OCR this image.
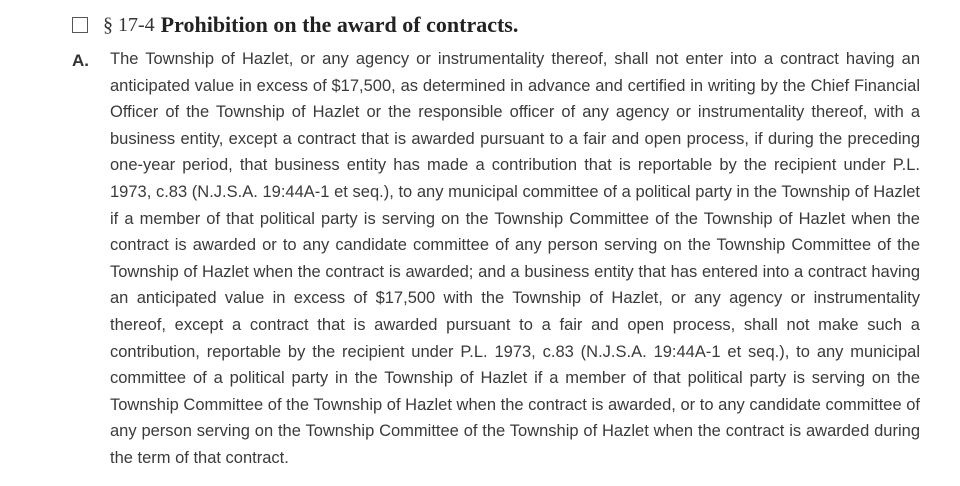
§ 17-4 Prohibition on the award of contracts.
A. The Township of Hazlet, or any agency or instrumentality thereof, shall not enter into a contract having an anticipated value in excess of $17,500, as determined in advance and certified in writing by the Chief Financial Officer of the Township of Hazlet or the responsible officer of any agency or instrumentality thereof, with a business entity, except a contract that is awarded pursuant to a fair and open process, if during the preceding one-year period, that business entity has made a contribution that is reportable by the recipient under P.L. 1973, c.83 (N.J.S.A. 19:44A-1 et seq.), to any municipal committee of a political party in the Township of Hazlet if a member of that political party is serving on the Township Committee of the Township of Hazlet when the contract is awarded or to any candidate committee of any person serving on the Township Committee of the Township of Hazlet when the contract is awarded; and a business entity that has entered into a contract having an anticipated value in excess of $17,500 with the Township of Hazlet, or any agency or instrumentality thereof, except a contract that is awarded pursuant to a fair and open process, shall not make such a contribution, reportable by the recipient under P.L. 1973, c.83 (N.J.S.A. 19:44A-1 et seq.), to any municipal committee of a political party in the Township of Hazlet if a member of that political party is serving on the Township Committee of the Township of Hazlet when the contract is awarded, or to any candidate committee of any person serving on the Township Committee of the Township of Hazlet when the contract is awarded during the term of that contract.
